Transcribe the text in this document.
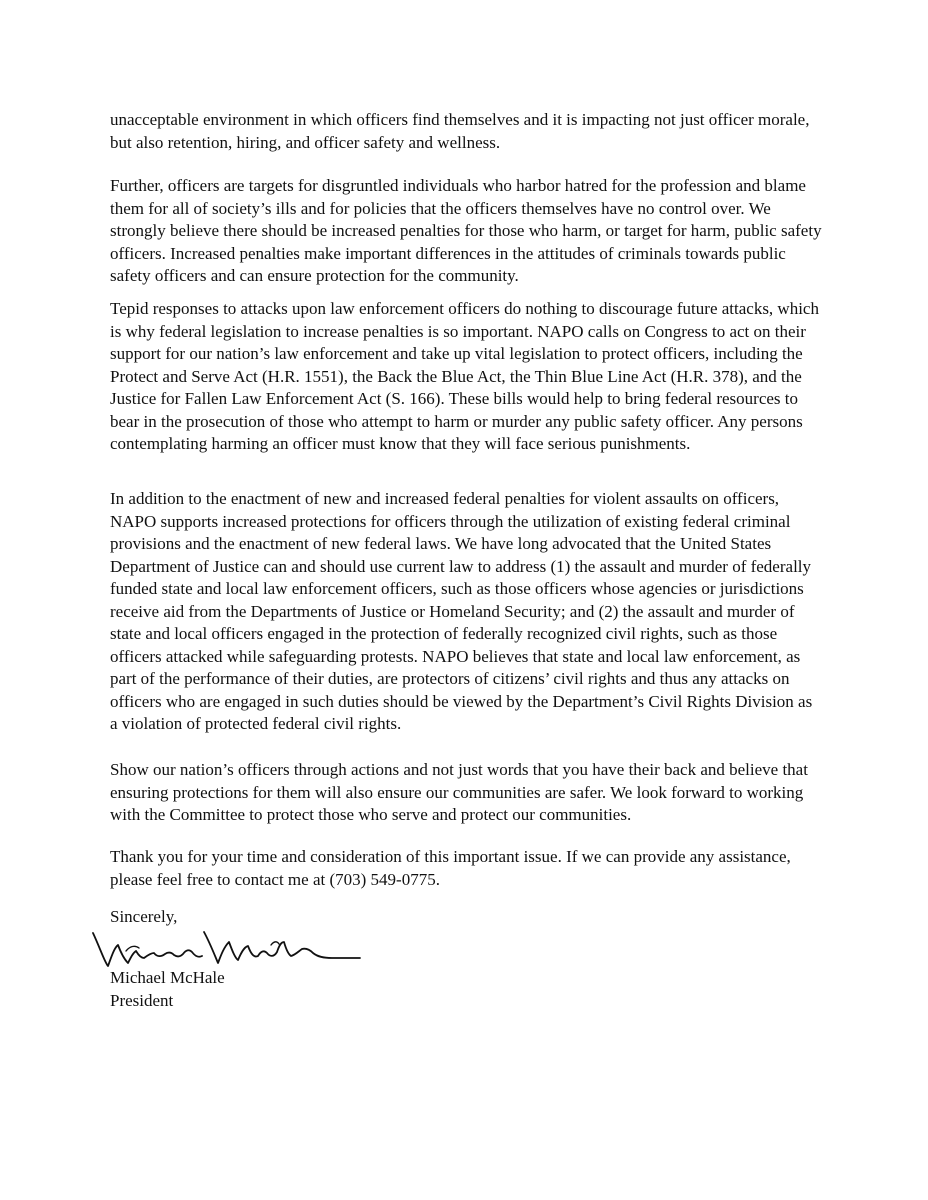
unacceptable environment in which officers find themselves and it is impacting not just officer morale, but also retention, hiring, and officer safety and wellness.

Further, officers are targets for disgruntled individuals who harbor hatred for the profession and blame them for all of society’s ills and for policies that the officers themselves have no control over. We strongly believe there should be increased penalties for those who harm, or target for harm, public safety officers. Increased penalties make important differences in the attitudes of criminals towards public safety officers and can ensure protection for the community.

Tepid responses to attacks upon law enforcement officers do nothing to discourage future attacks, which is why federal legislation to increase penalties is so important. NAPO calls on Congress to act on their support for our nation’s law enforcement and take up vital legislation to protect officers, including the Protect and Serve Act (H.R. 1551), the Back the Blue Act, the Thin Blue Line Act (H.R. 378), and the Justice for Fallen Law Enforcement Act (S. 166). These bills would help to bring federal resources to bear in the prosecution of those who attempt to harm or murder any public safety officer. Any persons contemplating harming an officer must know that they will face serious punishments.

In addition to the enactment of new and increased federal penalties for violent assaults on officers, NAPO supports increased protections for officers through the utilization of existing federal criminal provisions and the enactment of new federal laws. We have long advocated that the United States Department of Justice can and should use current law to address (1) the assault and murder of federally funded state and local law enforcement officers, such as those officers whose agencies or jurisdictions receive aid from the Departments of Justice or Homeland Security; and (2) the assault and murder of state and local officers engaged in the protection of federally recognized civil rights, such as those officers attacked while safeguarding protests. NAPO believes that state and local law enforcement, as part of the performance of their duties, are protectors of citizens’ civil rights and thus any attacks on officers who are engaged in such duties should be viewed by the Department’s Civil Rights Division as a violation of protected federal civil rights.

Show our nation’s officers through actions and not just words that you have their back and believe that ensuring protections for them will also ensure our communities are safer. We look forward to working with the Committee to protect those who serve and protect our communities.

Thank you for your time and consideration of this important issue. If we can provide any assistance, please feel free to contact me at (703) 549-0775.

Sincerely,

Michael McHale

President
